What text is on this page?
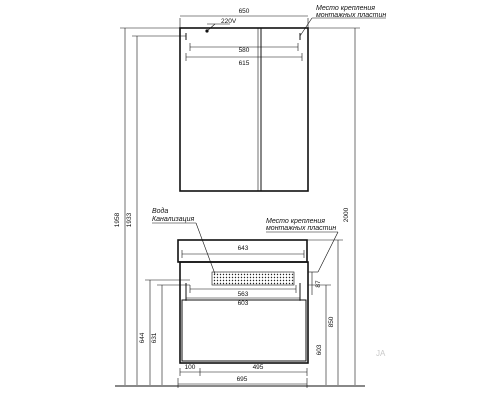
650
220V
580
615
Место крепления
монтажных пластин
2000
1958 1933
644 631
Вода
Канализация	Место крепления
монтажных пластин
643
563
603
87
850
603
100	495
695
JA
